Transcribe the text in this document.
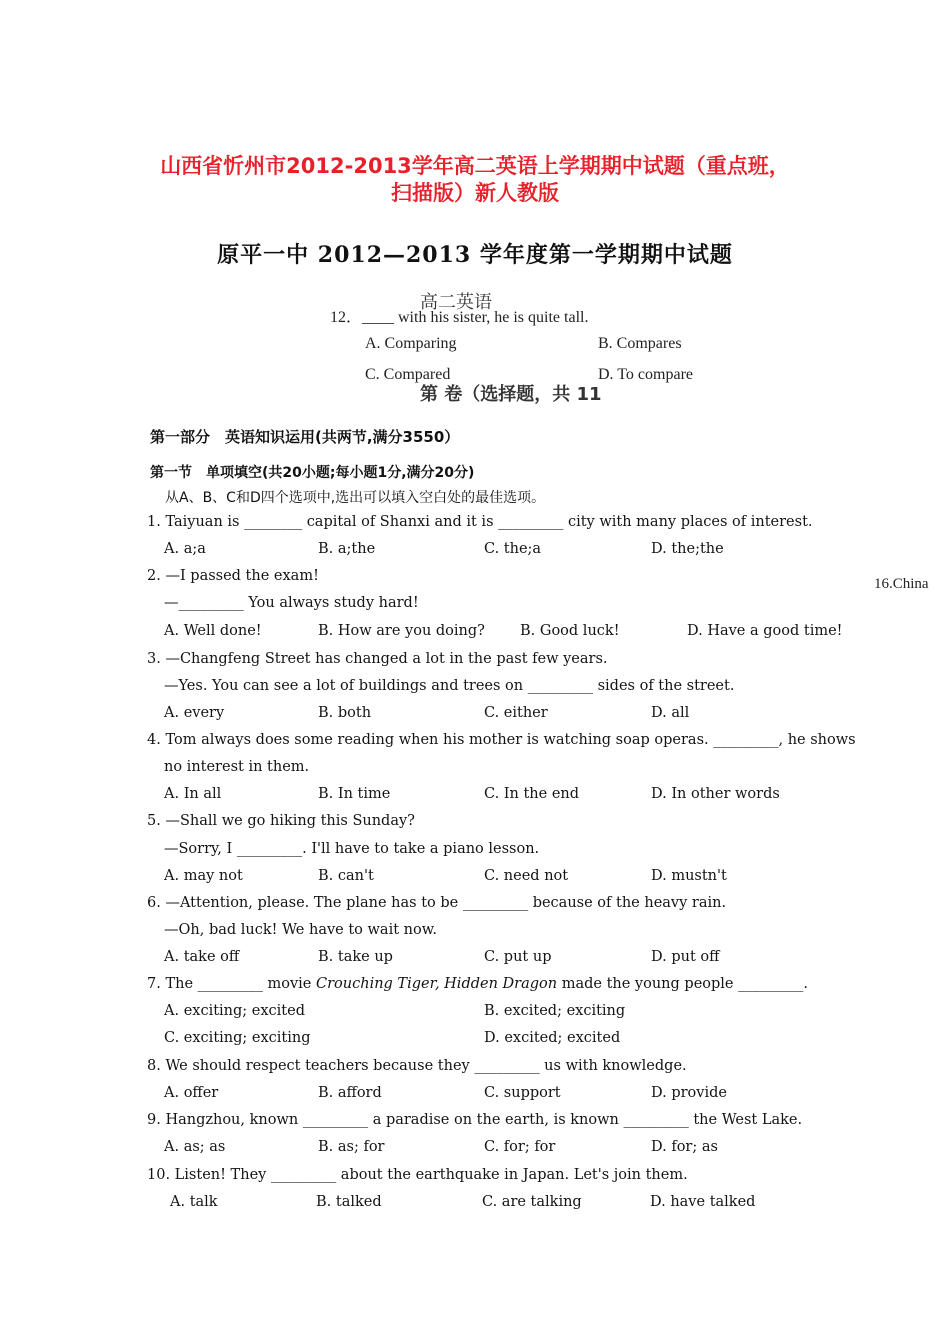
山西省忻州市2012-2013学年高二英语上学期期中试题（重点班，
扫描版）新人教版
原平一中 2012—2013 学年度第一学期期中试题
高二英语
12．____ with his sister, he is quite tall.
A. Comparing	B. Compares
C. Compared	D. To compare
第 卷（选择题，共 11
第一部分　英语知识运用(共两节,满分3550）
第一节　单项填空(共20小题;每小题1分,满分20分)
从A、B、C和D四个选项中,选出可以填入空白处的最佳选项。
16.China
1. Taiyuan is ________ capital of Shanxi and it is _________ city with many places of interest.
A. a;a	B. a;the	C. the;a	D. the;the
2. —I passed the exam!
—_________ You always study hard!
A. Well done!	B. How are you doing? B. Good luck!	D. Have a good time!
3. —Changfeng Street has changed a lot in the past few years.
—Yes. You can see a lot of buildings and trees on _________ sides of the street.
A. every	B. both	C. either	D. all
4. Tom always does some reading when his mother is watching soap operas. _________, he shows
no interest in them.
A. In all	B. In time	C. In the end	D. In other words
5. —Shall we go hiking this Sunday?
—Sorry, I _________. I'll have to take a piano lesson.
A. may not	B. can't	C. need not	D. mustn't
6. —Attention, please. The plane has to be _________ because of the heavy rain.
—Oh, bad luck! We have to wait now.
A. take off	B. take up	C. put up	D. put off
7. The _________ movie Crouching Tiger, Hidden Dragon made the young people _________.
A. exciting; excited	B. excited; exciting
C. exciting; exciting	D. excited; excited
8. We should respect teachers because they _________ us with knowledge.
A. offer	B. afford	C. support	D. provide
9. Hangzhou, known _________ a paradise on the earth, is known _________ the West Lake.
A. as; as	B. as; for	C. for; for	D. for; as
10. Listen! They _________ about the earthquake in Japan. Let's join them.
A. talk	B. talked	C. are talking	D. have talked
